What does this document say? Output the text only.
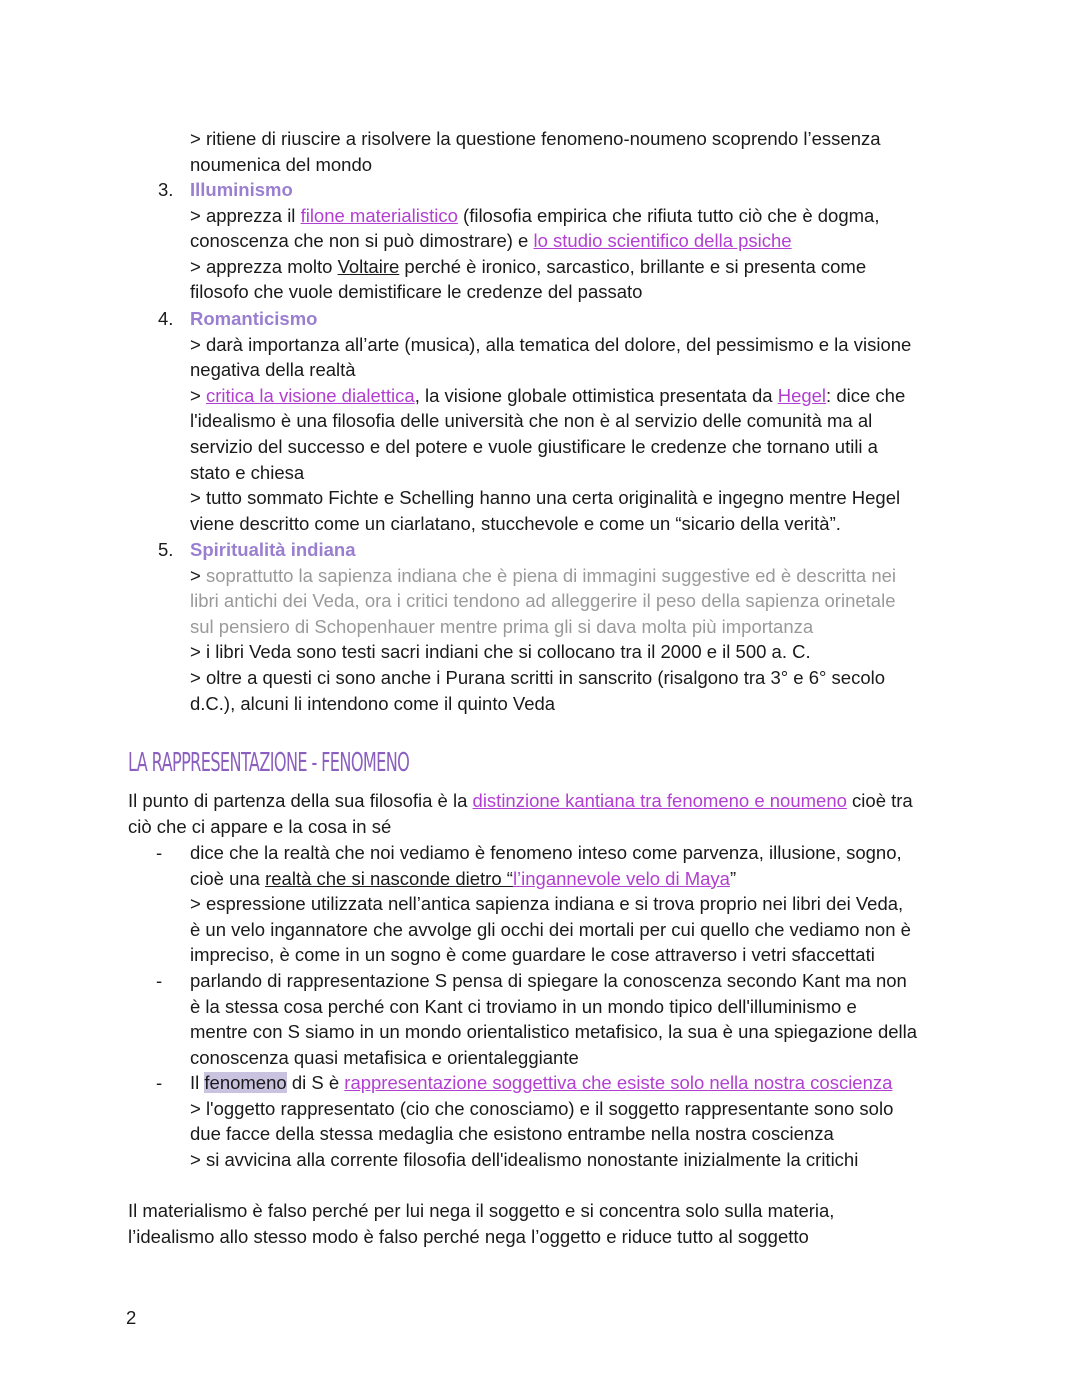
> ritiene di riuscire a risolvere la questione fenomeno-noumeno scoprendo l’essenza
noumenica del mondo
3. Illuminismo
> apprezza il filone materialistico (filosofia empirica che rifiuta tutto ciò che è dogma,
conoscenza che non si può dimostrare) e lo studio scientifico della psiche
> apprezza molto Voltaire perché è ironico, sarcastico, brillante e si presenta come
filosofo che vuole demistificare le credenze del passato
4. Romanticismo
> darà importanza all’arte (musica), alla tematica del dolore, del pessimismo e la visione
negativa della realtà
> critica la visione dialettica, la visione globale ottimistica presentata da Hegel: dice che
l'idealismo è una filosofia delle università che non è al servizio delle comunità ma al
servizio del successo e del potere e vuole giustificare le credenze che tornano utili a
stato e chiesa
> tutto sommato Fichte e Schelling hanno una certa originalità e ingegno mentre Hegel
viene descritto come un ciarlatano, stucchevole e come un “sicario della verità”.
5. Spiritualità indiana
> soprattutto la sapienza indiana che è piena di immagini suggestive ed è descritta nei
libri antichi dei Veda, ora i critici tendono ad alleggerire il peso della sapienza orinetale
sul pensiero di Schopenhauer mentre prima gli si dava molta più importanza
> i libri Veda sono testi sacri indiani che si collocano tra il 2000 e il 500 a. C.
> oltre a questi ci sono anche i Purana scritti in sanscrito (risalgono tra 3° e 6° secolo
d.C.), alcuni li intendono come il quinto Veda
LA RAPPRESENTAZIONE - FENOMENO
Il punto di partenza della sua filosofia è la distinzione kantiana tra fenomeno e noumeno cioè tra
ciò che ci appare e la cosa in sé
- dice che la realtà che noi vediamo è fenomeno inteso come parvenza, illusione, sogno,
cioè una realtà che si nasconde dietro “l’ingannevole velo di Maya”
> espressione utilizzata nell’antica sapienza indiana e si trova proprio nei libri dei Veda,
è un velo ingannatore che avvolge gli occhi dei mortali per cui quello che vediamo non è
impreciso, è come in un sogno è come guardare le cose attraverso i vetri sfaccettati
- parlando di rappresentazione S pensa di spiegare la conoscenza secondo Kant ma non
è la stessa cosa perché con Kant ci troviamo in un mondo tipico dell'illuminismo e
mentre con S siamo in un mondo orientalistico metafisico, la sua è una spiegazione della
conoscenza quasi metafisica e orientaleggiante
- Il fenomeno di S è rappresentazione soggettiva che esiste solo nella nostra coscienza
> l'oggetto rappresentato (cio che conosciamo) e il soggetto rappresentante sono solo
due facce della stessa medaglia che esistono entrambe nella nostra coscienza
> si avvicina alla corrente filosofia dell'idealismo nonostante inizialmente la critichi
Il materialismo è falso perché per lui nega il soggetto e si concentra solo sulla materia,
l’idealismo allo stesso modo è falso perché nega l’oggetto e riduce tutto al soggetto
2
